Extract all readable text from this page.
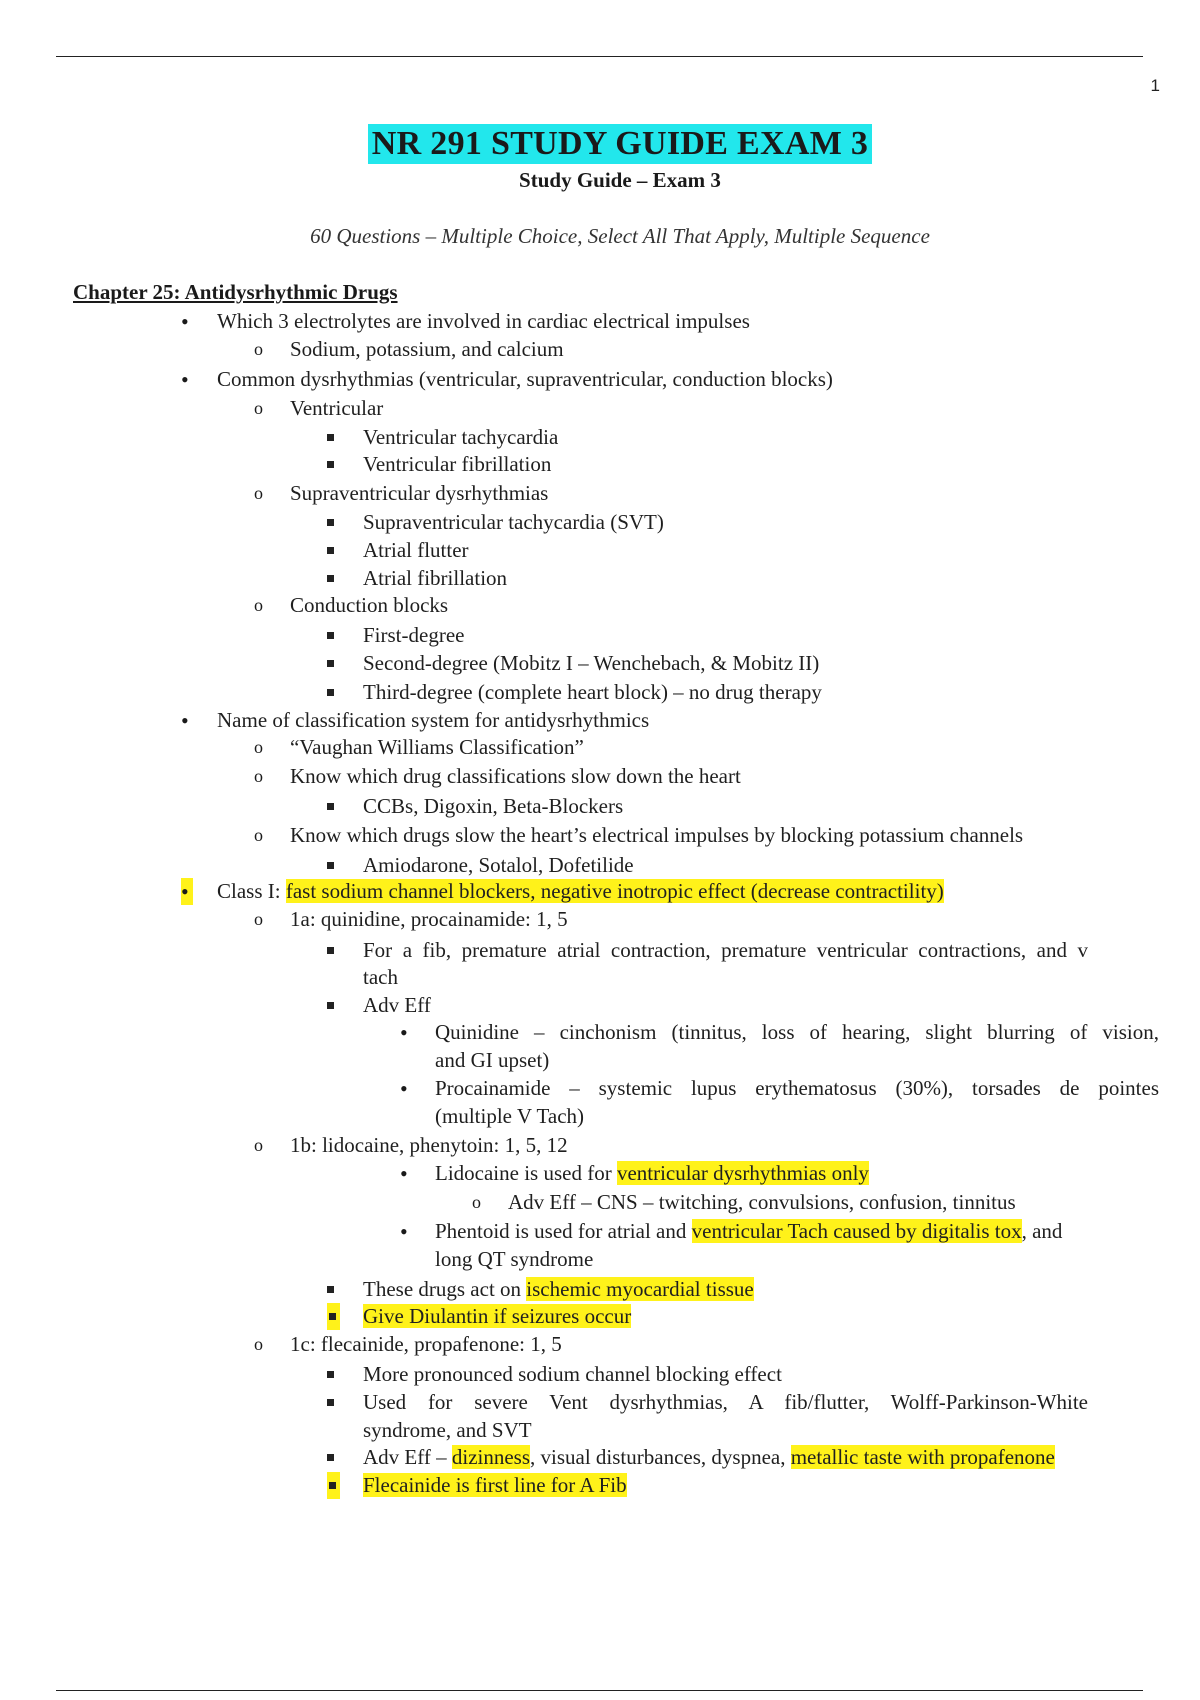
1
NR 291 STUDY GUIDE EXAM 3
Study Guide – Exam 3
60 Questions – Multiple Choice, Select All That Apply, Multiple Sequence
Chapter 25: Antidysrhythmic Drugs
• Which 3 electrolytes are involved in cardiac electrical impulses
o Sodium, potassium, and calcium
• Common dysrhythmias (ventricular, supraventricular, conduction blocks)
o Ventricular
Ventricular tachycardia
Ventricular fibrillation
o Supraventricular dysrhythmias
Supraventricular tachycardia (SVT)
Atrial flutter
Atrial fibrillation
o Conduction blocks
First-degree
Second-degree (Mobitz I – Wenchebach, & Mobitz II)
Third-degree (complete heart block) – no drug therapy
• Name of classification system for antidysrhythmics
o “Vaughan Williams Classification”
o Know which drug classifications slow down the heart
CCBs, Digoxin, Beta-Blockers
o Know which drugs slow the heart’s electrical impulses by blocking potassium channels
Amiodarone, Sotalol, Dofetilide
• Class I: fast sodium channel blockers, negative inotropic effect (decrease contractility)
o 1a: quinidine, procainamide: 1, 5
For a fib, premature atrial contraction, premature ventricular contractions, and v
tach
Adv Eff
• Quinidine – cinchonism (tinnitus, loss of hearing, slight blurring of vision,
and GI upset)
• Procainamide – systemic lupus erythematosus (30%), torsades de pointes
(multiple V Tach)
o 1b: lidocaine, phenytoin: 1, 5, 12
• Lidocaine is used for ventricular dysrhythmias only
o Adv Eff – CNS – twitching, convulsions, confusion, tinnitus
• Phentoid is used for atrial and ventricular Tach caused by digitalis tox, and
long QT syndrome
These drugs act on ischemic myocardial tissue
Give Diulantin if seizures occur
o 1c: flecainide, propafenone: 1, 5
More pronounced sodium channel blocking effect
Used for severe Vent dysrhythmias, A fib/flutter, Wolff-Parkinson-White
syndrome, and SVT
Adv Eff – dizinness, visual disturbances, dyspnea, metallic taste with propafenone
Flecainide is first line for A Fib
